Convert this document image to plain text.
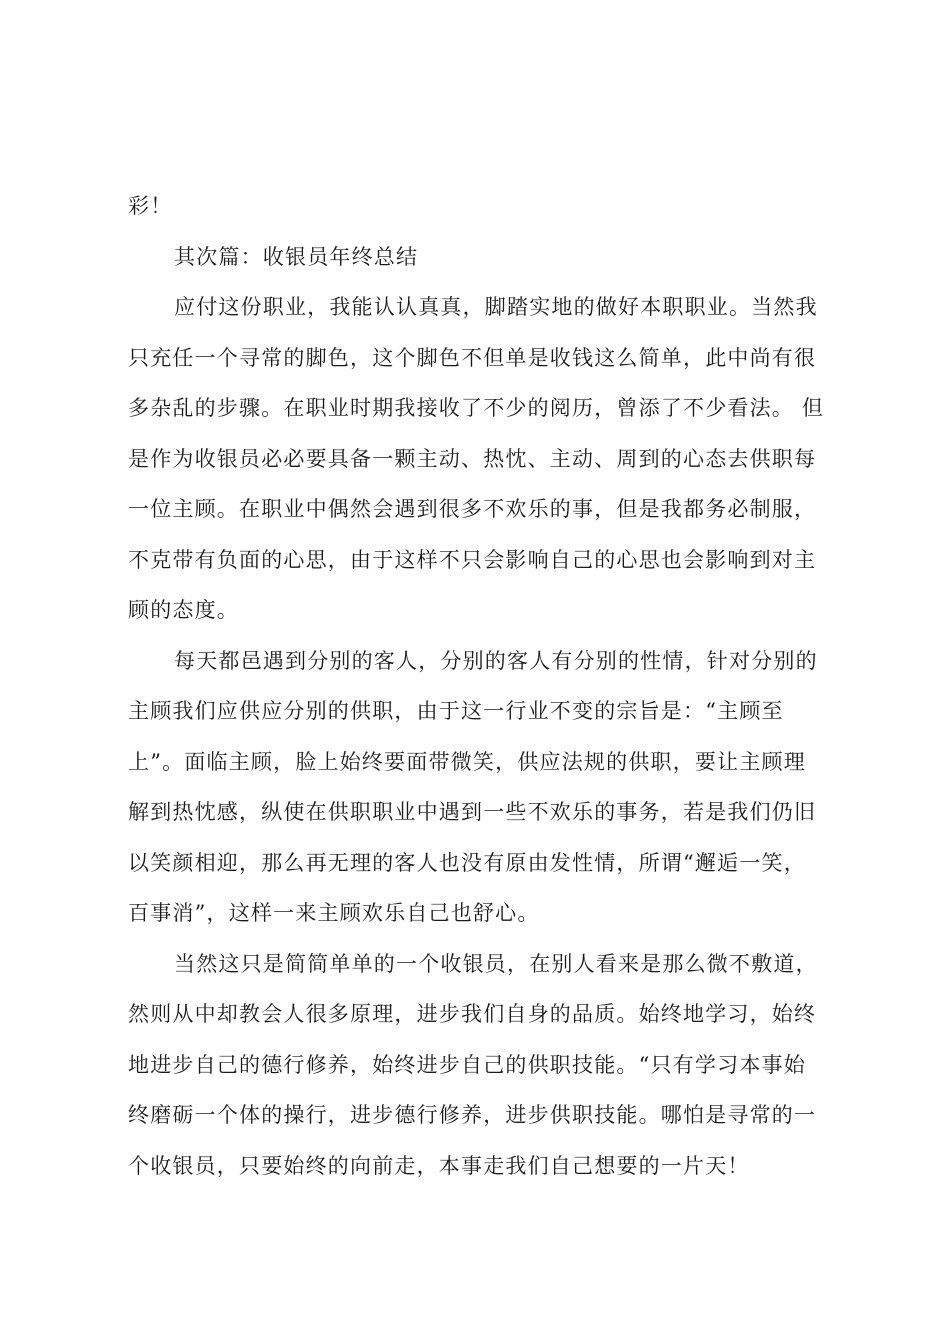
彩！
其次篇：收银员年终总结
应付这份职业，我能认认真真，脚踏实地的做好本职职业。当然我
只充任一个寻常的脚色，这个脚色不但单是收钱这么简单，此中尚有很
多杂乱的步骤。在职业时期我接收了不少的阅历，曾添了不少看法。 但
是作为收银员必必要具备一颗主动、热忱、主动、周到的心态去供职每
一位主顾。在职业中偶然会遇到很多不欢乐的事，但是我都务必制服，
不克带有负面的心思，由于这样不只会影响自己的心思也会影响到对主
顾的态度。
每天都邑遇到分别的客人，分别的客人有分别的性情，针对分别的
主顾我们应供应分别的供职，由于这一行业不变的宗旨是：“主顾至
上”。面临主顾，脸上始终要面带微笑，供应法规的供职，要让主顾理
解到热忱感，纵使在供职职业中遇到一些不欢乐的事务，若是我们仍旧
以笑颜相迎，那么再无理的客人也没有原由发性情，所谓“邂逅一笑，
百事消”，这样一来主顾欢乐自己也舒心。
当然这只是简简单单的一个收银员，在别人看来是那么微不敷道，
然则从中却教会人很多原理，进步我们自身的品质。始终地学习，始终
地进步自己的德行修养，始终进步自己的供职技能。“只有学习本事始
终磨砺一个体的操行，进步德行修养，进步供职技能。哪怕是寻常的一
个收银员，只要始终的向前走，本事走我们自己想要的一片天！
